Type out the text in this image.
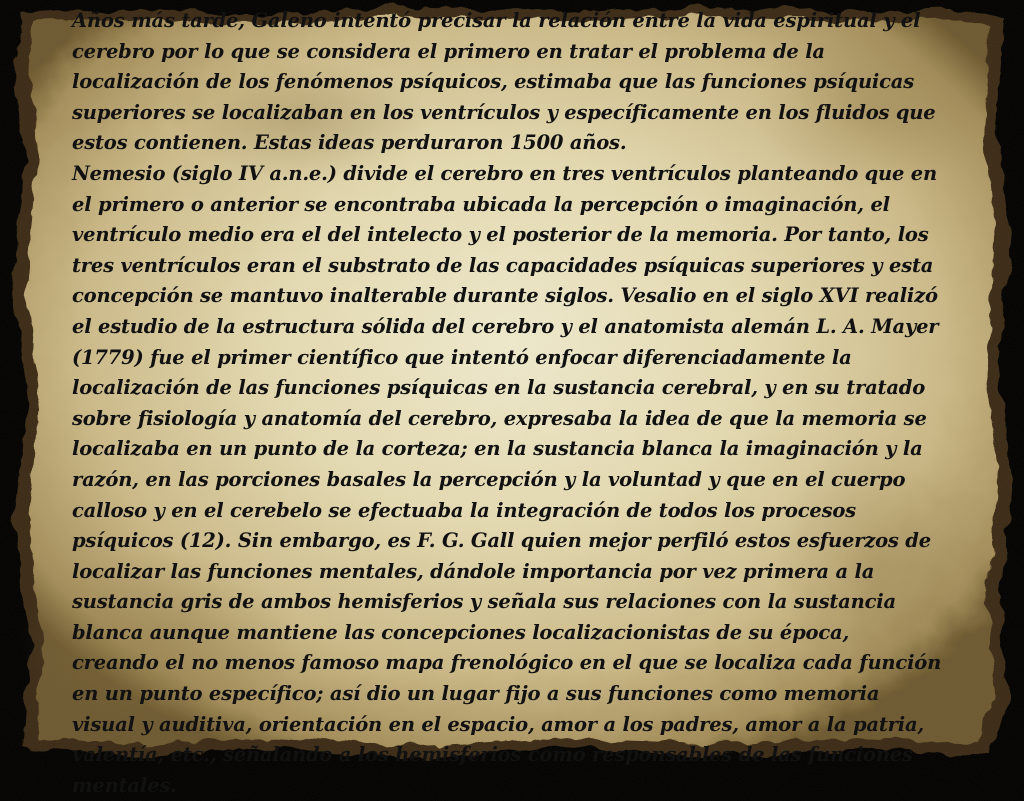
Años más tarde, Galeno intentó precisar la relación entre la vida espiritual y el cerebro por lo que se considera el primero en tratar el problema de la localización de los fenómenos psíquicos, estimaba que las funciones psíquicas superiores se localizaban en los ventrículos y específicamente en los fluidos que estos contienen. Estas ideas perduraron 1500 años.

Nemesio (siglo IV a.n.e.) divide el cerebro en tres ventrículos planteando que en el primero o anterior se encontraba ubicada la percepción o imaginación, el ventrículo medio era el del intelecto y el posterior de la memoria. Por tanto, los tres ventrículos eran el substrato de las capacidades psíquicas superiores y esta concepción se mantuvo inalterable durante siglos. Vesalio en el siglo XVI realizó el estudio de la estructura sólida del cerebro y el anatomista alemán L. A. Mayer (1779) fue el primer científico que intentó enfocar diferenciadamente la localización de las funciones psíquicas en la sustancia cerebral, y en su tratado sobre fisiología y anatomía del cerebro, expresaba la idea de que la memoria se localizaba en un punto de la corteza; en la sustancia blanca la imaginación y la razón, en las porciones basales la percepción y la voluntad y que en el cuerpo calloso y en el cerebelo se efectuaba la integración de todos los procesos psíquicos (12). Sin embargo, es F. G. Gall quien mejor perfiló estos esfuerzos de localizar las funciones mentales, dándole importancia por vez primera a la sustancia gris de ambos hemisferios y señala sus relaciones con la sustancia blanca aunque mantiene las concepciones localizacionistas de su época, creando el no menos famoso mapa frenológico en el que se localiza cada función en un punto específico; así dio un lugar fijo a sus funciones como memoria visual y auditiva, orientación en el espacio, amor a los padres, amor a la patria, valentía, etc., señalando a los hemisferios como responsables de las funciones mentales.
